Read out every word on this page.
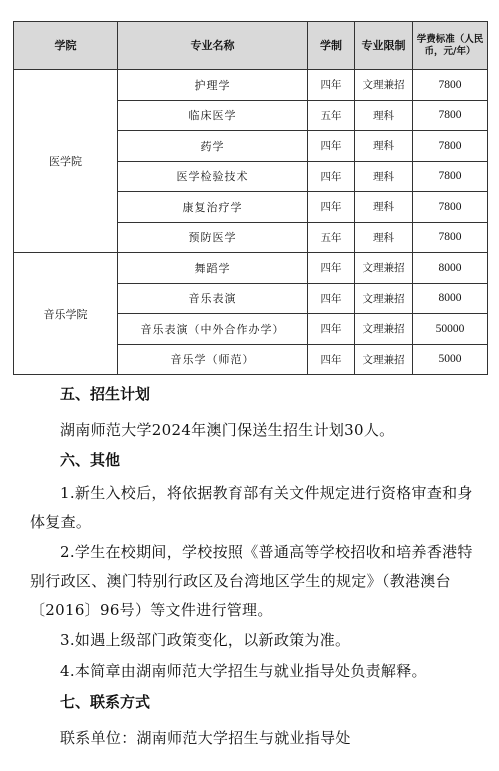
学院	专业名称	学制	专业限制	学费标准（人民币，元/年）
医学院	护理学	四年	文理兼招	7800
	临床医学	五年	理科	7800
	药学	四年	理科	7800
	医学检验技术	四年	理科	7800
	康复治疗学	四年	理科	7800
	预防医学	五年	理科	7800
音乐学院	舞蹈学	四年	文理兼招	8000
	音乐表演	四年	文理兼招	8000
	音乐表演（中外合作办学）	四年	文理兼招	50000
	音乐学（师范）	四年	文理兼招	5000
五、招生计划
湖南师范大学2024年澳门保送生招生计划30人。
六、其他
1.新生入校后，将依据教育部有关文件规定进行资格审查和身体复查。
2.学生在校期间，学校按照《普通高等学校招收和培养香港特别行政区、澳门特别行政区及台湾地区学生的规定》（教港澳台〔2016〕96号）等文件进行管理。
3.如遇上级部门政策变化，以新政策为准。
4.本简章由湖南师范大学招生与就业指导处负责解释。
七、联系方式
联系单位：湖南师范大学招生与就业指导处
